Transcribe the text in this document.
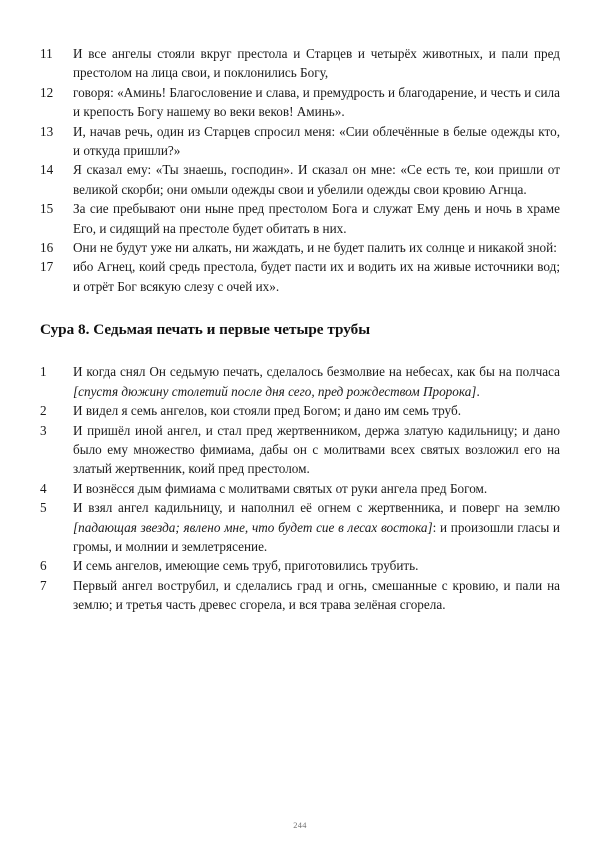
11	И все ангелы стояли вкруг престола и Старцев и четырёх животных, и пали пред престолом на лица свои, и поклонились Богу,
12	говоря: «Аминь! Благословение и слава, и премудрость и благодарение, и честь и сила и крепость Богу нашему во веки веков! Аминь».
13	И, начав речь, один из Старцев спросил меня: «Сии облечённые в белые одежды кто, и откуда пришли?»
14	Я сказал ему: «Ты знаешь, господин». И сказал он мне: «Се есть те, кои пришли от великой скорби; они омыли одежды свои и убелили одежды свои кровию Агнца.
15	За сие пребывают они ныне пред престолом Бога и служат Ему день и ночь в храме Его, и сидящий на престоле будет обитать в них.
16	Они не будут уже ни алкать, ни жаждать, и не будет палить их солнце и никакой зной:
17	ибо Агнец, коий средь престола, будет пасти их и водить их на живые источники вод; и отрёт Бог всякую слезу с очей их».
Сура 8. Седьмая печать и первые четыре трубы
1	И когда снял Он седьмую печать, сделалось безмолвие на небесах, как бы на полчаса [спустя дюжину столетий после дня сего, пред рождеством Пророка].
2	И видел я семь ангелов, кои стояли пред Богом; и дано им семь труб.
3	И пришёл иной ангел, и стал пред жертвенником, держа златую кадильницу; и дано было ему множество фимиама, дабы он с молитвами всех святых возложил его на златый жертвенник, коий пред престолом.
4	И вознёсся дым фимиама с молитвами святых от руки ангела пред Богом.
5	И взял ангел кадильницу, и наполнил её огнем с жертвенника, и поверг на землю [падающая звезда; явлено мне, что будет сие в лесах востока]: и произошли гласы и громы, и молнии и землетрясение.
6	И семь ангелов, имеющие семь труб, приготовились трубить.
7	Первый ангел вострубил, и сделались град и огнь, смешанные с кровию, и пали на землю; и третья часть древес сгорела, и вся трава зелёная сгорела.
244
